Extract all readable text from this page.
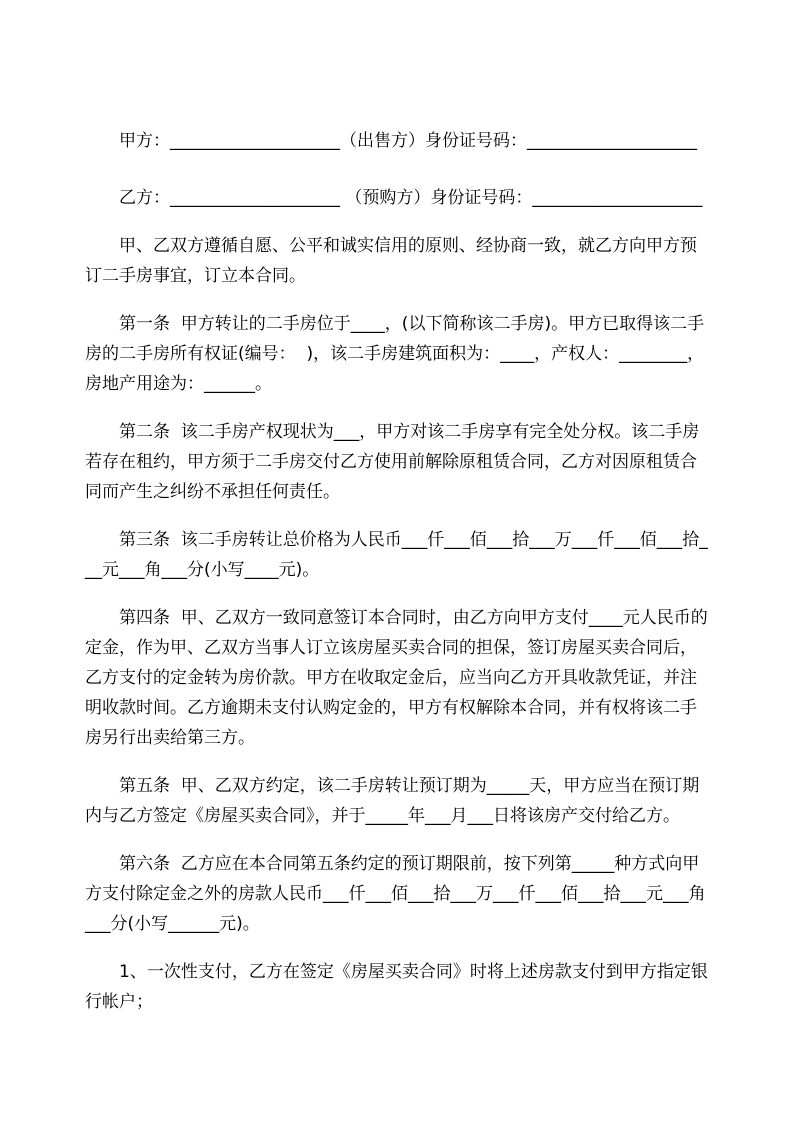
甲方：____________________（出售方）身份证号码：____________________

乙方：____________________ （预购方）身份证号码：____________________

甲、乙双方遵循自愿、公平和诚实信用的原则、经协商一致，就乙方向甲方预订二手房事宜，订立本合同。

第一条  甲方转让的二手房位于____，(以下简称该二手房)。甲方已取得该二手房的二手房所有权证(编号：  )，该二手房建筑面积为：____，产权人：________，房地产用途为：______。

第二条  该二手房产权现状为___，甲方对该二手房享有完全处分权。该二手房若存在租约，甲方须于二手房交付乙方使用前解除原租赁合同，乙方对因原租赁合同而产生之纠纷不承担任何责任。

第三条  该二手房转让总价格为人民币___仟___佰___拾___万___仟___佰___拾___元___角___分(小写____元)。

第四条  甲、乙双方一致同意签订本合同时，由乙方向甲方支付____元人民币的定金，作为甲、乙双方当事人订立该房屋买卖合同的担保，签订房屋买卖合同后，乙方支付的定金转为房价款。甲方在收取定金后，应当向乙方开具收款凭证，并注明收款时间。乙方逾期未支付认购定金的，甲方有权解除本合同，并有权将该二手房另行出卖给第三方。

第五条  甲、乙双方约定，该二手房转让预订期为_____天，甲方应当在预订期内与乙方签定《房屋买卖合同》，并于_____年___月___日将该房产交付给乙方。

第六条  乙方应在本合同第五条约定的预订期限前，按下列第_____种方式向甲方支付除定金之外的房款人民币___仟___佰___拾___万___仟___佰___拾___元___角___分(小写______元)。

1、一次性支付，乙方在签定《房屋买卖合同》时将上述房款支付到甲方指定银行帐户；
